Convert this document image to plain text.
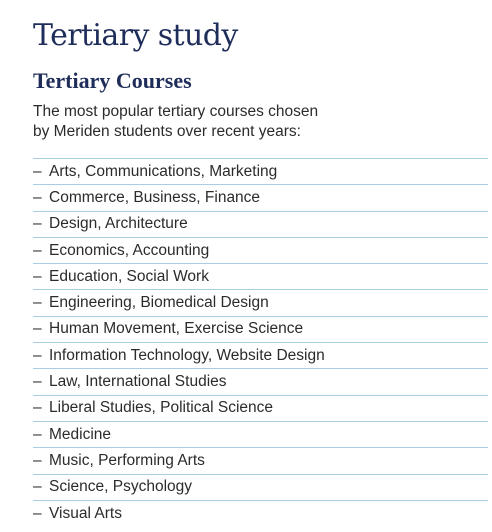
Tertiary study
Tertiary Courses

The most popular tertiary courses chosen
by Meriden students over recent years:

– Arts, Communications, Marketing
– Commerce, Business, Finance
– Design, Architecture
– Economics, Accounting
– Education, Social Work
– Engineering, Biomedical Design
– Human Movement, Exercise Science
– Information Technology, Website Design
– Law, International Studies
– Liberal Studies, Political Science
– Medicine
– Music, Performing Arts
– Science, Psychology
– Visual Arts
